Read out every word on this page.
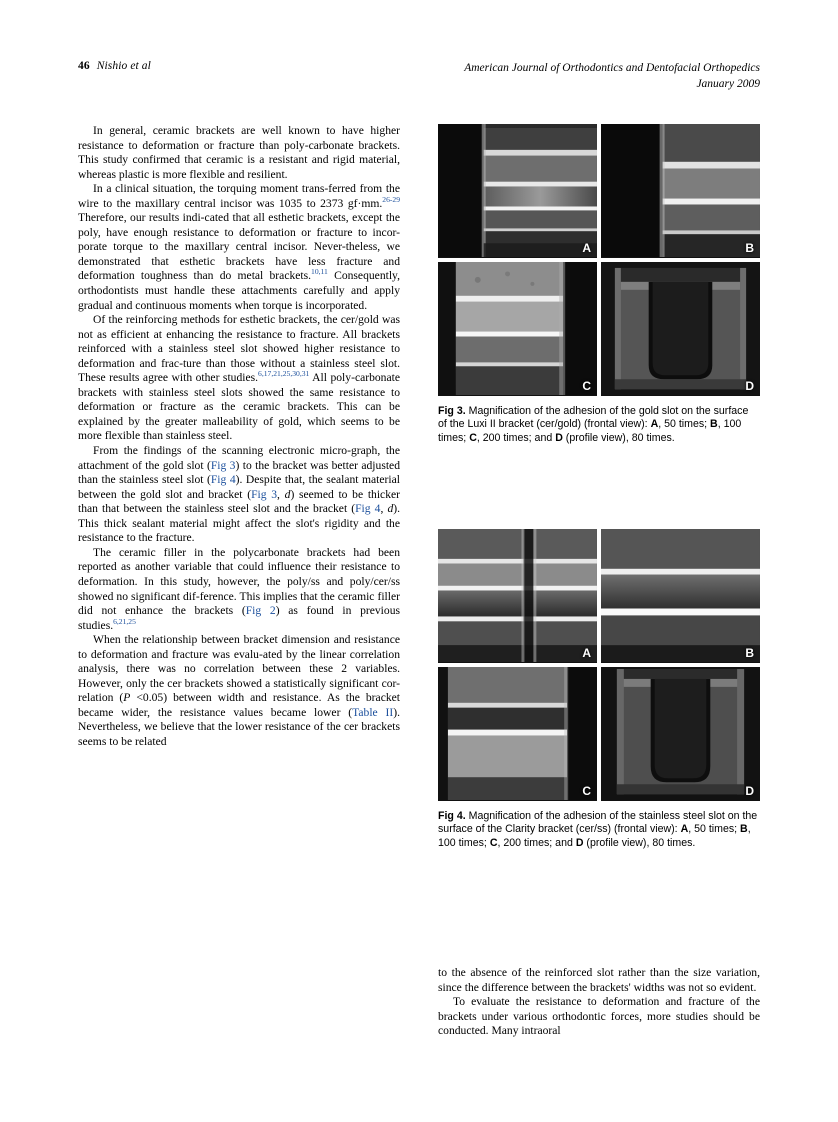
46 Nishio et al	American Journal of Orthodontics and Dentofacial Orthopedics
January 2009

In general, ceramic brackets are well known to have higher resistance to deformation or fracture than poly-carbonate brackets. This study confirmed that ceramic is a resistant and rigid material, whereas plastic is more flexible and resilient.

In a clinical situation, the torquing moment trans-ferred from the wire to the maxillary central incisor was 1035 to 2373 gf·mm.$^{26-29}$ Therefore, our results indi-cated that all esthetic brackets, except the poly, have enough resistance to deformation or fracture to incor-porate torque to the maxillary central incisor. Never-theless, we demonstrated that esthetic brackets have less fracture and deformation toughness than do metal brackets.$^{10,11}$ Consequently, orthodontists must handle these attachments carefully and apply gradual and continuous moments when torque is incorporated.

Of the reinforcing methods for esthetic brackets, the cer/gold was not as efficient at enhancing the resistance to fracture. All brackets reinforced with a stainless steel slot showed higher resistance to deformation and frac-ture than those without a stainless steel slot. These results agree with other studies.$^{6,17,21,25,30,31}$ All poly-carbonate brackets with stainless steel slots showed the same resistance to deformation or fracture as the ceramic brackets. This can be explained by the greater malleability of gold, which seems to be more flexible than stainless steel.

From the findings of the scanning electronic micro-graph, the attachment of the gold slot (Fig 3) to the bracket was better adjusted than the stainless steel slot (Fig 4). Despite that, the sealant material between the gold slot and bracket (Fig 3, d) seemed to be thicker than that between the stainless steel slot and the bracket (Fig 4, d). This thick sealant material might affect the slot's rigidity and the resistance to the fracture.

The ceramic filler in the polycarbonate brackets had been reported as another variable that could influence their resistance to deformation. In this study, however, the poly/ss and poly/cer/ss showed no significant dif-ference. This implies that the ceramic filler did not enhance the brackets (Fig 2) as found in previous studies.$^{6,21,25}$

When the relationship between bracket dimension and resistance to deformation and fracture was evalu-ated by the linear correlation analysis, there was no correlation between these 2 variables. However, only the cer brackets showed a statistically significant cor-relation (P <0.05) between width and resistance. As the bracket became wider, the resistance values became lower (Table II). Nevertheless, we believe that the lower resistance of the cer brackets seems to be related

A	B
C	D
Fig 3. Magnification of the adhesion of the gold slot on the surface of the Luxi II bracket (cer/gold) (frontal view): A, 50 times; B, 100 times; C, 200 times; and D (profile view), 80 times.
A	B
C	D
Fig 4. Magnification of the adhesion of the stainless steel slot on the surface of the Clarity bracket (cer/ss) (frontal view): A, 50 times; B, 100 times; C, 200 times; and D (profile view), 80 times.

to the absence of the reinforced slot rather than the size variation, since the difference between the brackets' widths was not so evident.

To evaluate the resistance to deformation and fracture of the brackets under various orthodontic forces, more studies should be conducted. Many intraoral
